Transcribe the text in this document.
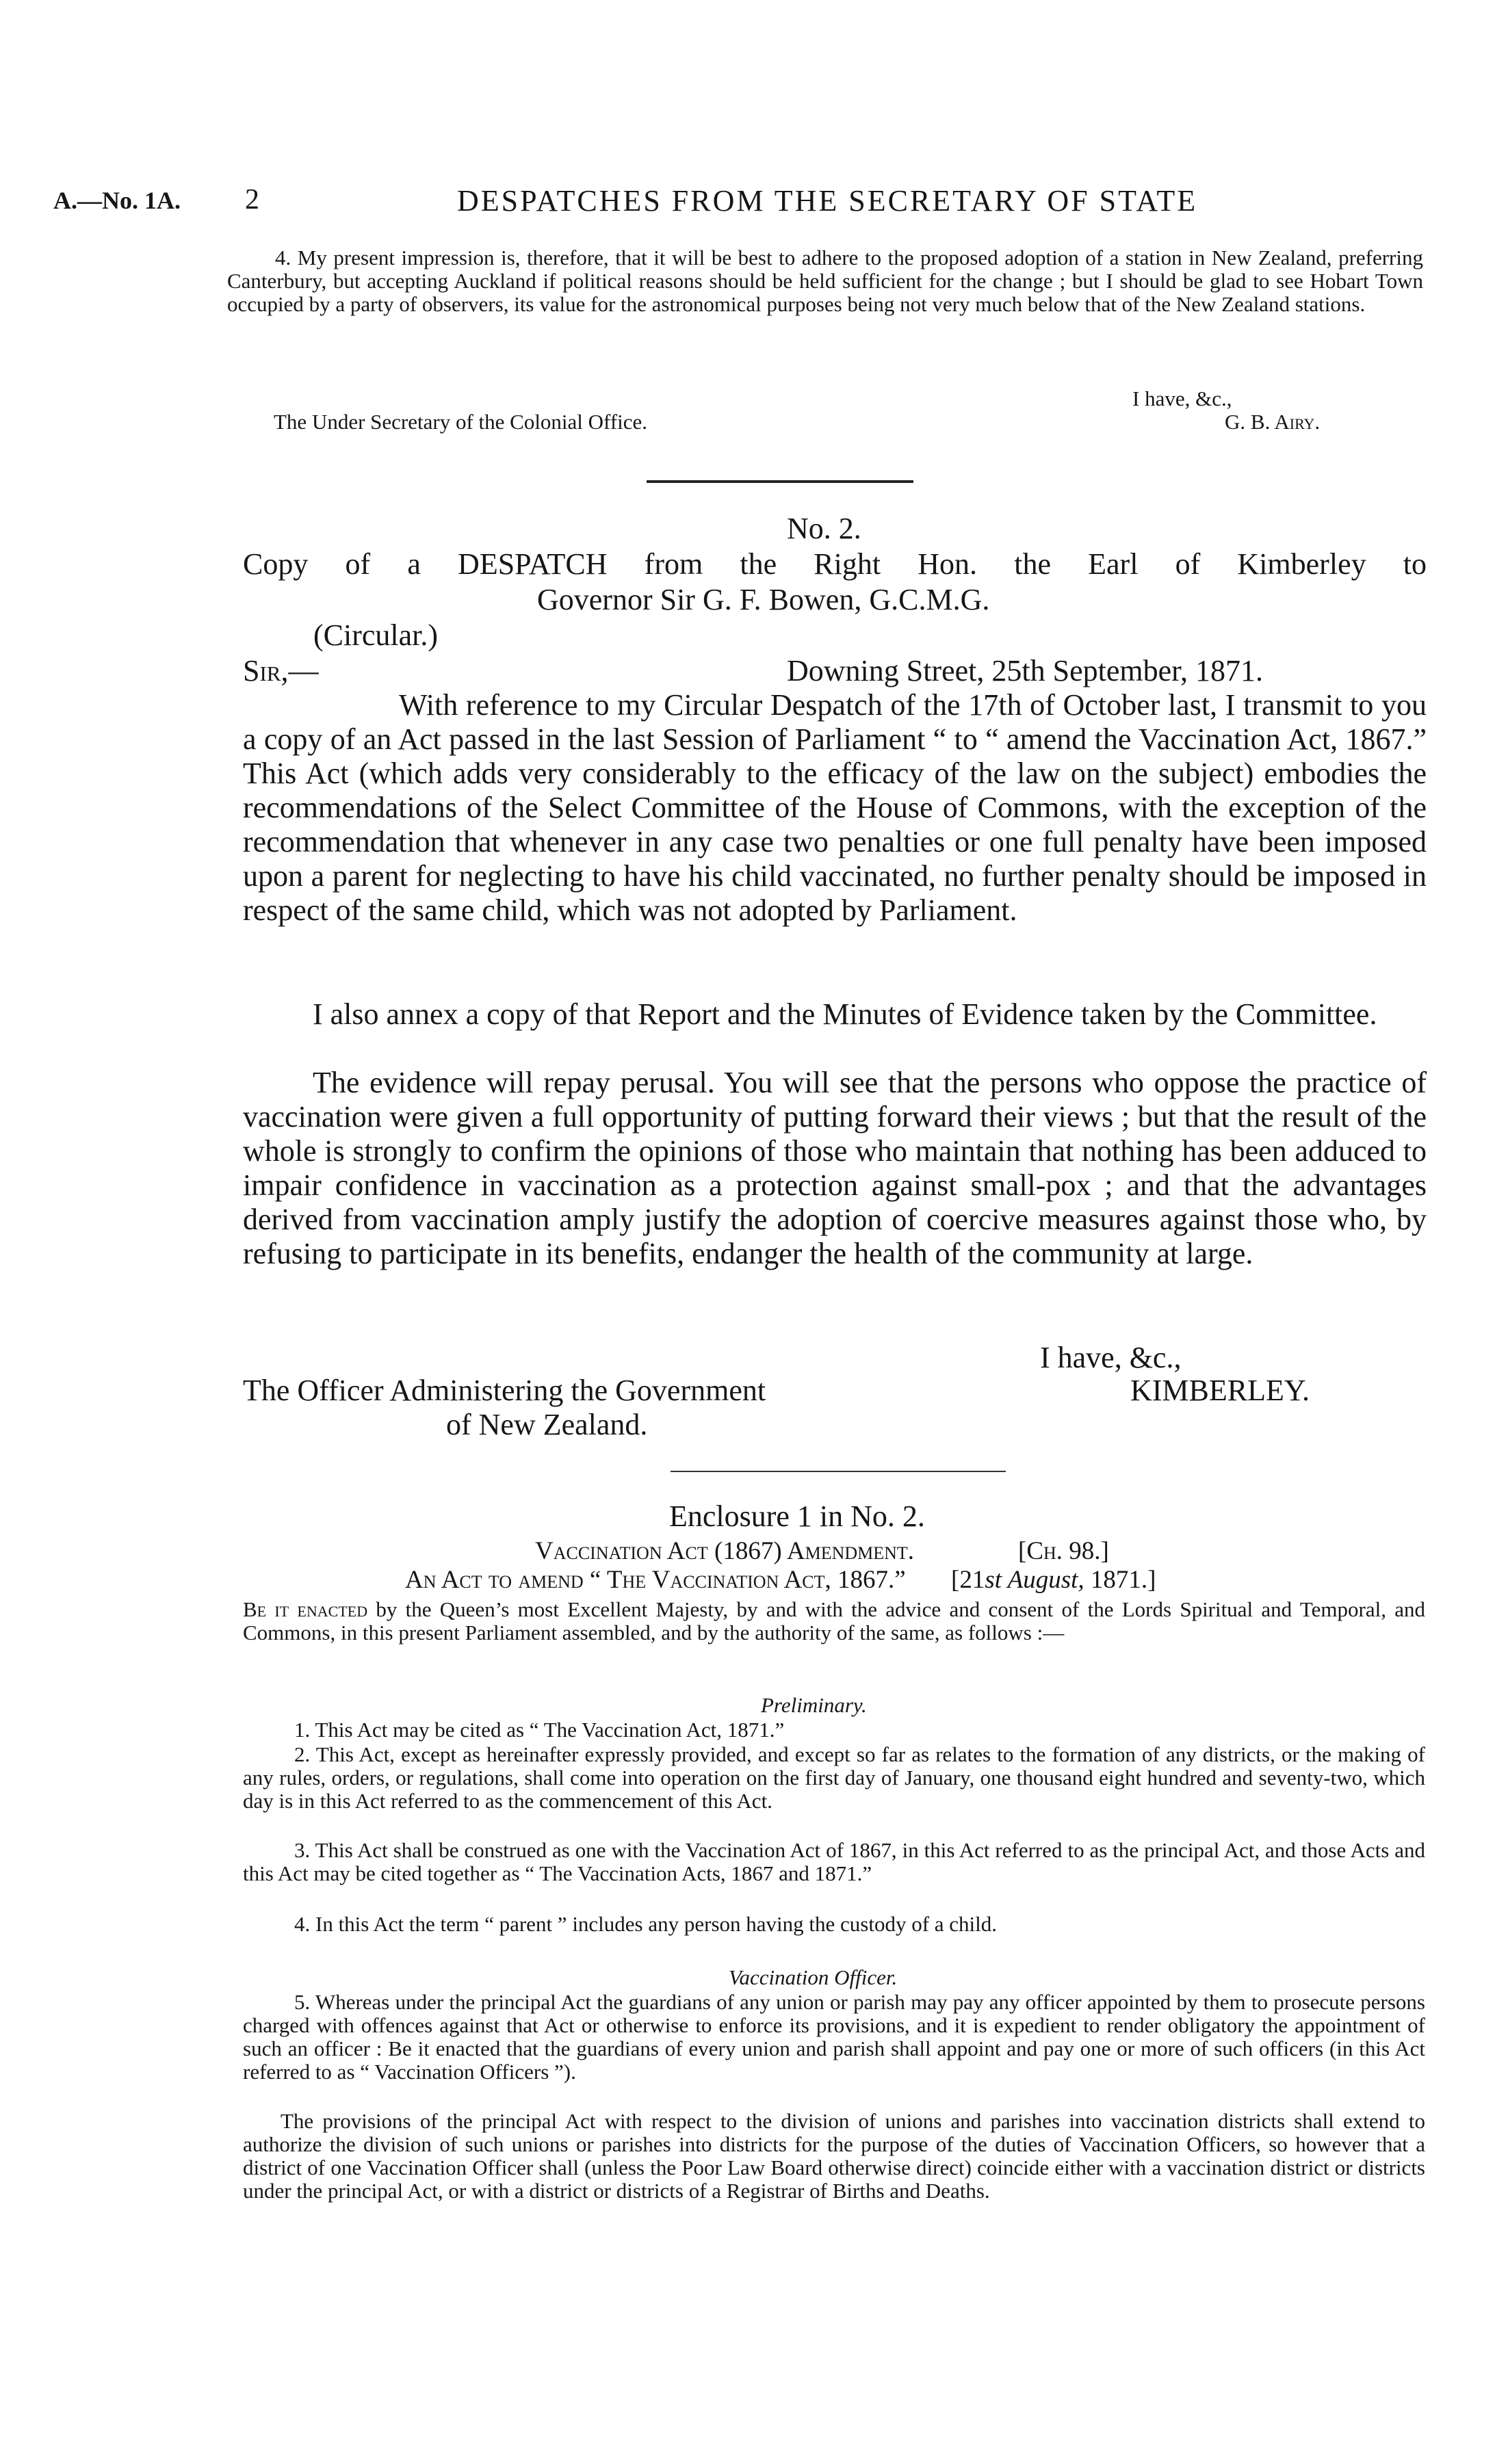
A.—No. 1A. 2	DESPATCHES FROM THE SECRETARY OF STATE

4. My present impression is, therefore, that it will be best to adhere to the proposed adoption of a station in New Zealand, preferring Canterbury, but accepting Auckland if political reasons should be held sufficient for the change ; but I should be glad to see Hobart Town occupied by a party of observers, its value for the astronomical purposes being not very much below that of the New Zealand stations.

I have, &c.,
The Under Secretary of the Colonial Office.	G. B. Airy.
No. 2.
Copy of a DESPATCH from the Right Hon. the Earl of Kimberley to
Governor Sir G. F. Bowen, G.C.M.G.
(Circular.)
Sir,—	Downing Street, 25th September, 1871.

With reference to my Circular Despatch of the 17th of October last, I transmit to you a copy of an Act passed in the last Session of Parliament “ to “ amend the Vaccination Act, 1867.” This Act (which adds very considerably to the efficacy of the law on the subject) embodies the recommendations of the Select Committee of the House of Commons, with the exception of the recommendation that whenever in any case two penalties or one full penalty have been imposed upon a parent for neglecting to have his child vaccinated, no further penalty should be imposed in respect of the same child, which was not adopted by Parliament.

I also annex a copy of that Report and the Minutes of Evidence taken by the Committee.

The evidence will repay perusal. You will see that the persons who oppose the practice of vaccination were given a full opportunity of putting forward their views ; but that the result of the whole is strongly to confirm the opinions of those who maintain that nothing has been adduced to impair confidence in vaccination as a protection against small-pox ; and that the advantages derived from vaccination amply justify the adoption of coercive measures against those who, by refusing to participate in its benefits, endanger the health of the community at large.

I have, &c.,
The Officer Administering the Government	KIMBERLEY.
of New Zealand.
Enclosure 1 in No. 2.
Vaccination Act (1867) Amendment.	[Ch. 98.]
An Act to amend “ The Vaccination Act, 1867.” [21st August, 1871.]

Be it enacted by the Queen’s most Excellent Majesty, by and with the advice and consent of the Lords Spiritual and Temporal, and Commons, in this present Parliament assembled, and by the authority of the same, as follows :—

Preliminary.

1. This Act may be cited as “ The Vaccination Act, 1871.”

2. This Act, except as hereinafter expressly provided, and except so far as relates to the formation of any districts, or the making of any rules, orders, or regulations, shall come into operation on the first day of January, one thousand eight hundred and seventy-two, which day is in this Act referred to as the commencement of this Act.

3. This Act shall be construed as one with the Vaccination Act of 1867, in this Act referred to as the principal Act, and those Acts and this Act may be cited together as “ The Vaccination Acts, 1867 and 1871.”

4. In this Act the term “ parent ” includes any person having the custody of a child.

Vaccination Officer.

5. Whereas under the principal Act the guardians of any union or parish may pay any officer appointed by them to prosecute persons charged with offences against that Act or otherwise to enforce its provisions, and it is expedient to render obligatory the appointment of such an officer : Be it enacted that the guardians of every union and parish shall appoint and pay one or more of such officers (in this Act referred to as “ Vaccination Officers ”).

The provisions of the principal Act with respect to the division of unions and parishes into vaccination districts shall extend to authorize the division of such unions or parishes into districts for the purpose of the duties of Vaccination Officers, so however that a district of one Vaccination Officer shall (unless the Poor Law Board otherwise direct) coincide either with a vaccination district or districts under the principal Act, or with a district or districts of a Registrar of Births and Deaths.
